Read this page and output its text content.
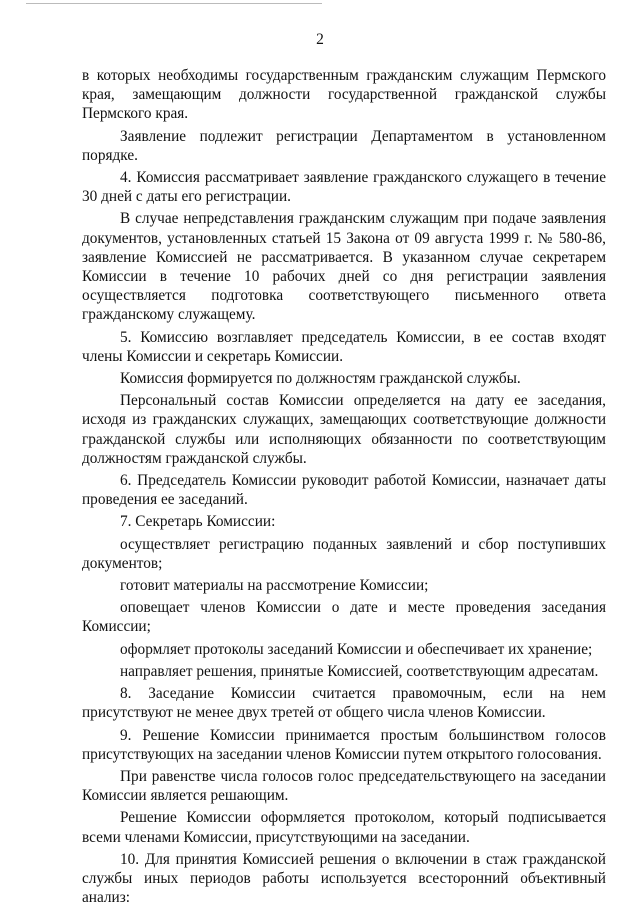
2

в которых необходимы государственным гражданским служащим Пермского края, замещающим должности государственной гражданской службы Пермского края.

Заявление подлежит регистрации Департаментом в установленном порядке.

4. Комиссия рассматривает заявление гражданского служащего в течение 30 дней с даты его регистрации.

В случае непредставления гражданским служащим при подаче заявления документов, установленных статьей 15 Закона от 09 августа 1999 г. № 580-86, заявление Комиссией не рассматривается. В указанном случае секретарем Комиссии в течение 10 рабочих дней со дня регистрации заявления осуществляется подготовка соответствующего письменного ответа гражданскому служащему.

5. Комиссию возглавляет председатель Комиссии, в ее состав входят члены Комиссии и секретарь Комиссии.

Комиссия формируется по должностям гражданской службы.

Персональный состав Комиссии определяется на дату ее заседания, исходя из гражданских служащих, замещающих соответствующие должности гражданской службы или исполняющих обязанности по соответствующим должностям гражданской службы.

6. Председатель Комиссии руководит работой Комиссии, назначает даты проведения ее заседаний.

7. Секретарь Комиссии:

осуществляет регистрацию поданных заявлений и сбор поступивших документов;

готовит материалы на рассмотрение Комиссии;

оповещает членов Комиссии о дате и месте проведения заседания Комиссии;

оформляет протоколы заседаний Комиссии и обеспечивает их хранение;

направляет решения, принятые Комиссией, соответствующим адресатам.

8. Заседание Комиссии считается правомочным, если на нем присутствуют не менее двух третей от общего числа членов Комиссии.

9. Решение Комиссии принимается простым большинством голосов присутствующих на заседании членов Комиссии путем открытого голосования.

При равенстве числа голосов голос председательствующего на заседании Комиссии является решающим.

Решение Комиссии оформляется протоколом, который подписывается всеми членами Комиссии, присутствующими на заседании.

10. Для принятия Комиссией решения о включении в стаж гражданской службы иных периодов работы используется всесторонний объективный анализ:
